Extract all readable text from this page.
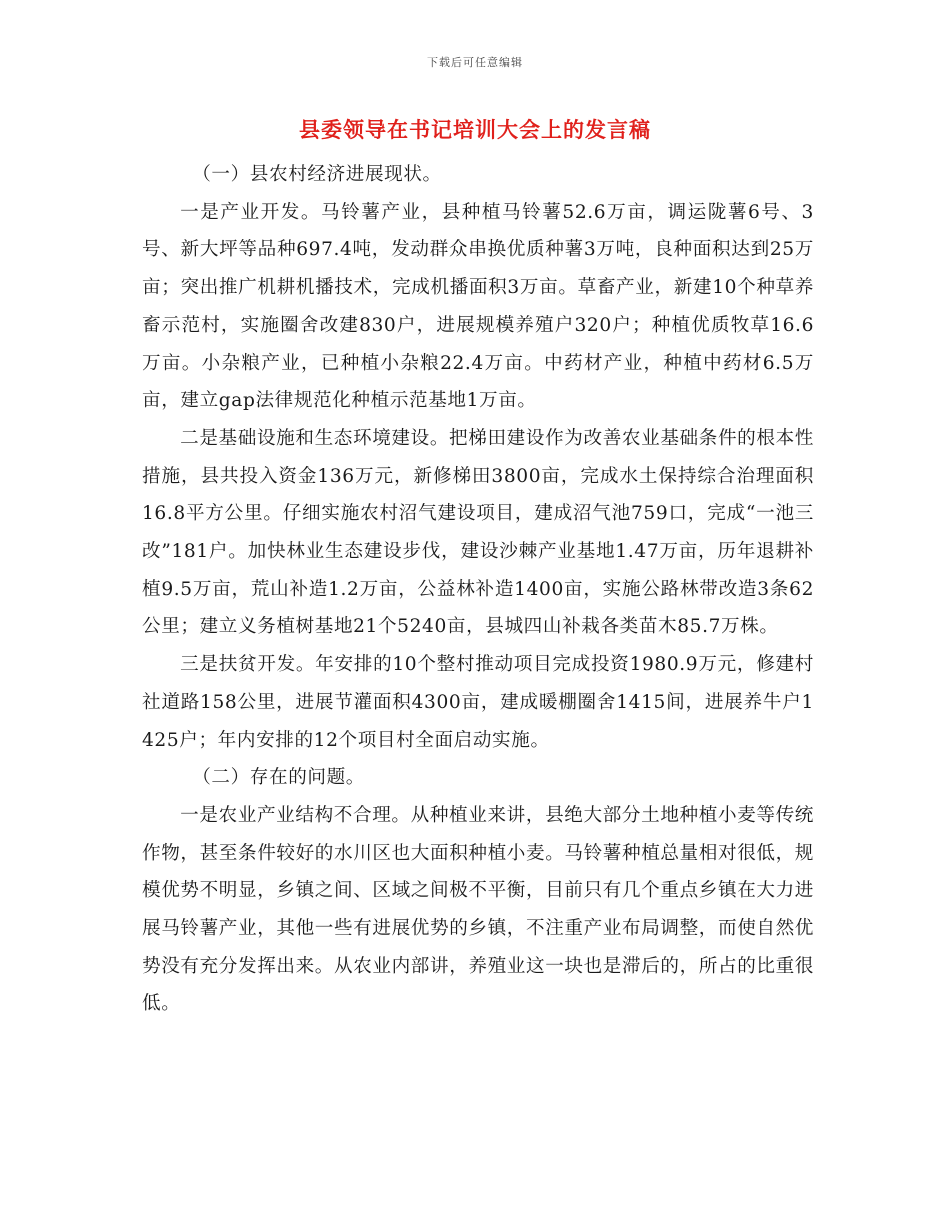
下载后可任意编辑
县委领导在书记培训大会上的发言稿

（一）县农村经济进展现状。

一是产业开发。马铃薯产业，县种植马铃薯52.6万亩，调运陇薯6号、3号、新大坪等品种697.4吨，发动群众串换优质种薯3万吨，良种面积达到25万亩；突出推广机耕机播技术，完成机播面积3万亩。草畜产业，新建10个种草养畜示范村，实施圈舍改建830户，进展规模养殖户320户；种植优质牧草16.6万亩。小杂粮产业，已种植小杂粮22.4万亩。中药材产业，种植中药材6.5万亩，建立gap法律规范化种植示范基地1万亩。

二是基础设施和生态环境建设。把梯田建设作为改善农业基础条件的根本性措施，县共投入资金136万元，新修梯田3800亩，完成水土保持综合治理面积16.8平方公里。仔细实施农村沼气建设项目，建成沼气池759口，完成“一池三改”181户。加快林业生态建设步伐，建设沙棘产业基地1.47万亩，历年退耕补植9.5万亩，荒山补造1.2万亩，公益林补造1400亩，实施公路林带改造3条62公里；建立义务植树基地21个5240亩，县城四山补栽各类苗木85.7万株。

三是扶贫开发。年安排的10个整村推动项目完成投资1980.9万元，修建村社道路158公里，进展节灌面积4300亩，建成暖棚圈舍1415间，进展养牛户1425户；年内安排的12个项目村全面启动实施。

（二）存在的问题。

一是农业产业结构不合理。从种植业来讲，县绝大部分土地种植小麦等传统作物，甚至条件较好的水川区也大面积种植小麦。马铃薯种植总量相对很低，规模优势不明显，乡镇之间、区域之间极不平衡，目前只有几个重点乡镇在大力进展马铃薯产业，其他一些有进展优势的乡镇，不注重产业布局调整，而使自然优势没有充分发挥出来。从农业内部讲，养殖业这一块也是滞后的，所占的比重很低。
